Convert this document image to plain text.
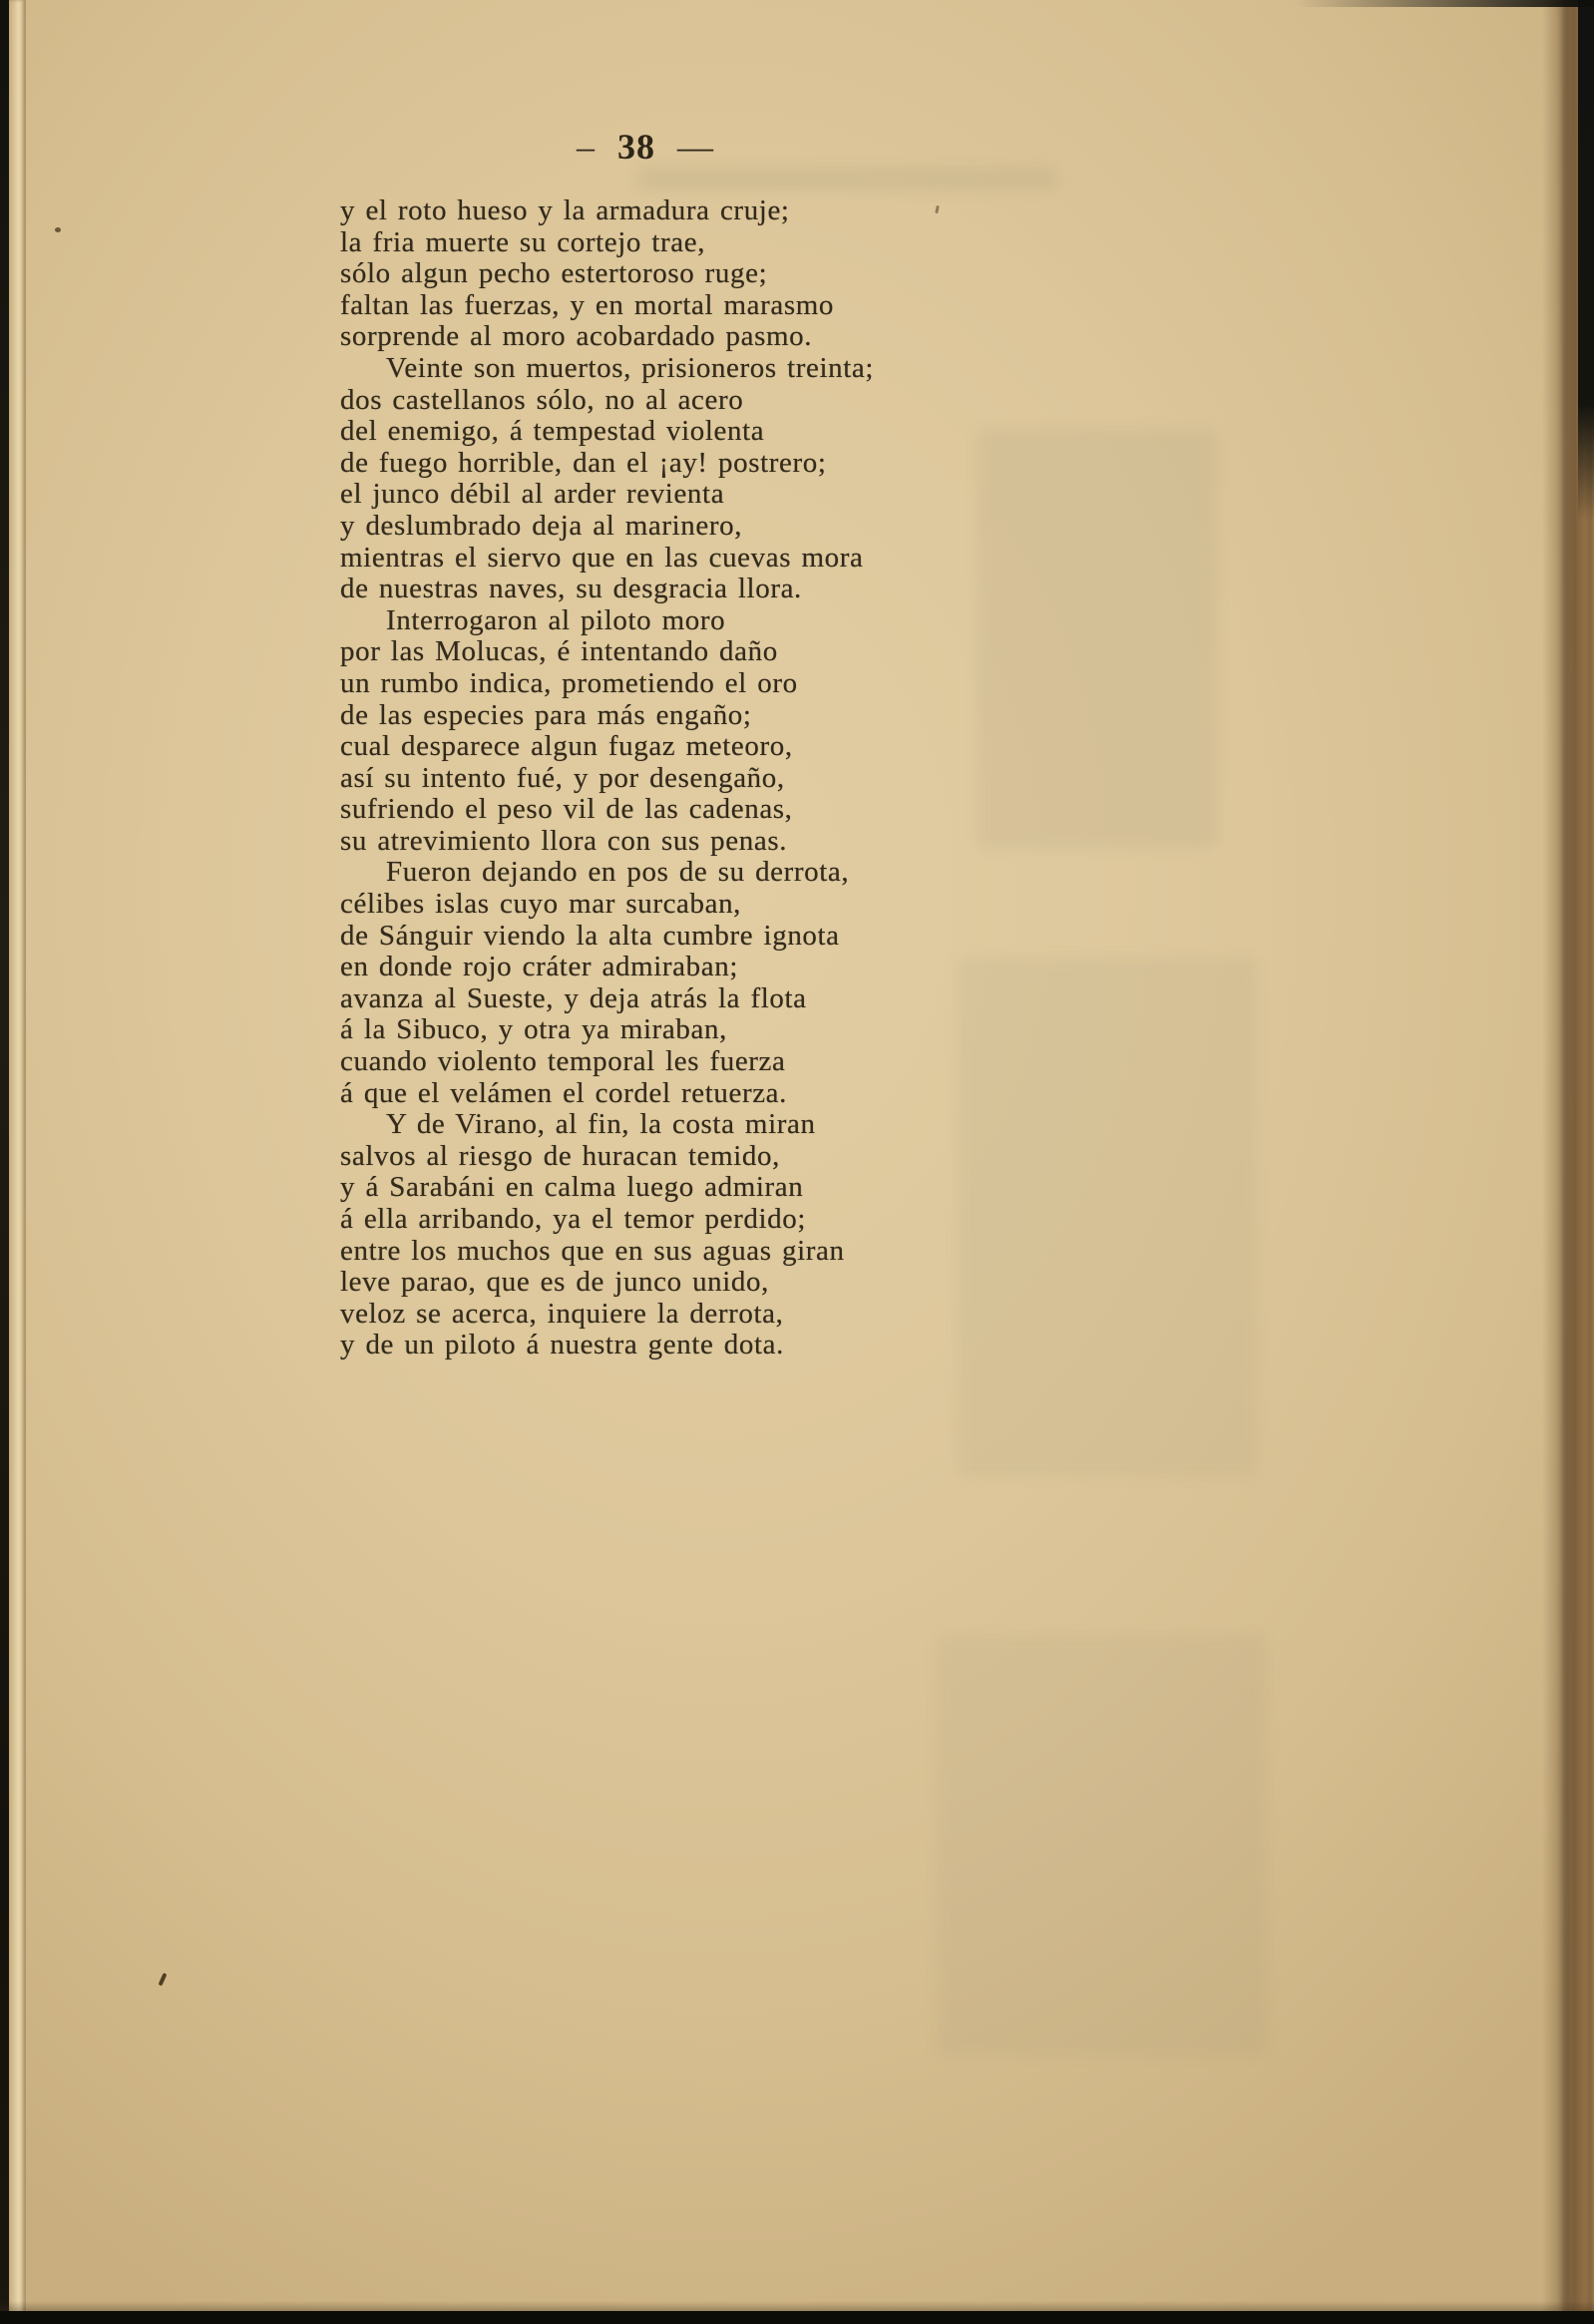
– 38 —
y el roto hueso y la armadura cruje;
la fria muerte su cortejo trae,
sólo algun pecho estertoroso ruge;
faltan las fuerzas, y en mortal marasmo
sorprende al moro acobardado pasmo.
Veinte son muertos, prisioneros treinta;
dos castellanos sólo, no al acero
del enemigo, á tempestad violenta
de fuego horrible, dan el ¡ay! postrero;
el junco débil al arder revienta
y deslumbrado deja al marinero,
mientras el siervo que en las cuevas mora
de nuestras naves, su desgracia llora.
Interrogaron al piloto moro
por las Molucas, é intentando daño
un rumbo indica, prometiendo el oro
de las especies para más engaño;
cual desparece algun fugaz meteoro,
así su intento fué, y por desengaño,
sufriendo el peso vil de las cadenas,
su atrevimiento llora con sus penas.
Fueron dejando en pos de su derrota,
célibes islas cuyo mar surcaban,
de Sánguir viendo la alta cumbre ignota
en donde rojo cráter admiraban;
avanza al Sueste, y deja atrás la flota
á la Sibuco, y otra ya miraban,
cuando violento temporal les fuerza
á que el velámen el cordel retuerza.
Y de Virano, al fin, la costa miran
salvos al riesgo de huracan temido,
y á Sarabáni en calma luego admiran
á ella arribando, ya el temor perdido;
entre los muchos que en sus aguas giran
leve parao, que es de junco unido,
veloz se acerca, inquiere la derrota,
y de un piloto á nuestra gente dota.
